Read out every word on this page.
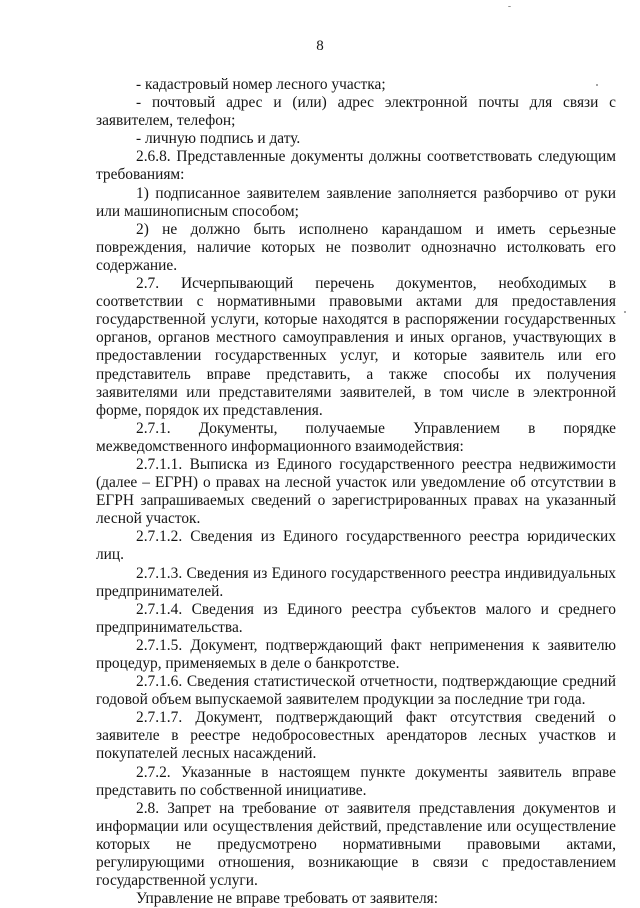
8

- кадастровый номер лесного участка;

- почтовый адрес и (или) адрес электронной почты для связи с заявителем, телефон;

- личную подпись и дату.

2.6.8. Представленные документы должны соответствовать следующим требованиям:

1) подписанное заявителем заявление заполняется разборчиво от руки или машинописным способом;

2) не должно быть исполнено карандашом и иметь серьезные повреждения, наличие которых не позволит однозначно истолковать его содержание.

2.7. Исчерпывающий перечень документов, необходимых в соответствии с нормативными правовыми актами для предоставления государственной услуги, которые находятся в распоряжении государственных органов, органов местного самоуправления и иных органов, участвующих в предоставлении государственных услуг, и которые заявитель или его представитель вправе представить, а также способы их получения заявителями или представителями заявителей, в том числе в электронной форме, порядок их представления.

2.7.1. Документы, получаемые Управлением в порядке межведомственного информационного взаимодействия:

2.7.1.1. Выписка из Единого государственного реестра недвижимости (далее – ЕГРН) о правах на лесной участок или уведомление об отсутствии в ЕГРН запрашиваемых сведений о зарегистрированных правах на указанный лесной участок.

2.7.1.2. Сведения из Единого государственного реестра юридических лиц.

2.7.1.3. Сведения из Единого государственного реестра индивидуальных предпринимателей.

2.7.1.4. Сведения из Единого реестра субъектов малого и среднего предпринимательства.

2.7.1.5. Документ, подтверждающий факт неприменения к заявителю процедур, применяемых в деле о банкротстве.

2.7.1.6. Сведения статистической отчетности, подтверждающие средний годовой объем выпускаемой заявителем продукции за последние три года.

2.7.1.7. Документ, подтверждающий факт отсутствия сведений о заявителе в реестре недобросовестных арендаторов лесных участков и покупателей лесных насаждений.

2.7.2. Указанные в настоящем пункте документы заявитель вправе представить по собственной инициативе.

2.8. Запрет на требование от заявителя представления документов и информации или осуществления действий, представление или осуществление которых не предусмотрено нормативными правовыми актами, регулирующими отношения, возникающие в связи с предоставлением государственной услуги.

Управление не вправе требовать от заявителя:
